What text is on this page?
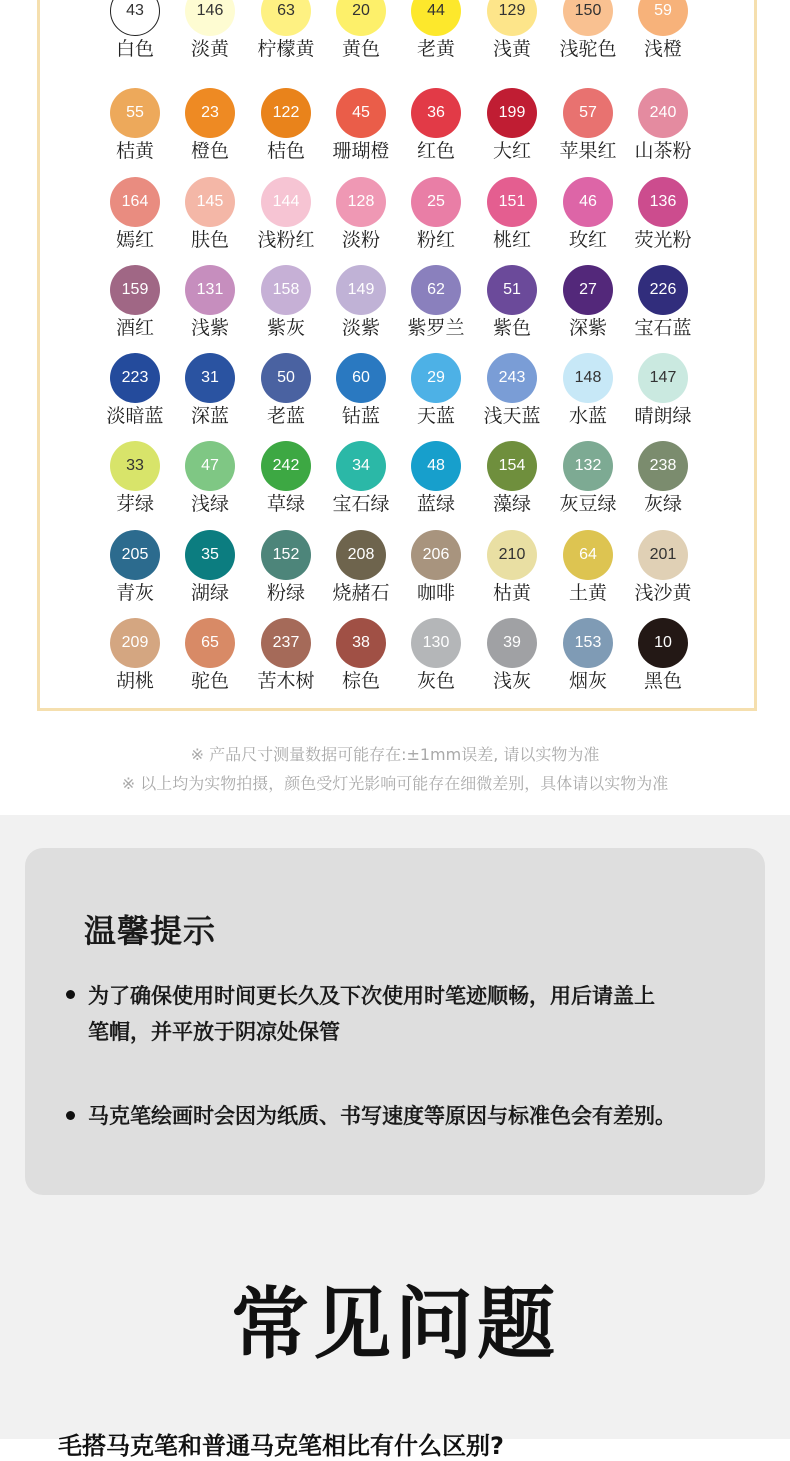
43
白色
146
淡黄
63
柠檬黄
20
黄色
44
老黄
129
浅黄
150
浅驼色
59
浅橙
55
桔黄
23
橙色
122
桔色
45
珊瑚橙
36
红色
199
大红
57
苹果红
240
山茶粉
164
嫣红
145
肤色
144
浅粉红
128
淡粉
25
粉红
151
桃红
46
玫红
136
荧光粉
159
酒红
131
浅紫
158
紫灰
149
淡紫
62
紫罗兰
51
紫色
27
深紫
226
宝石蓝
223
淡暗蓝
31
深蓝
50
老蓝
60
钴蓝
29
天蓝
243
浅天蓝
148
水蓝
147
晴朗绿
33
芽绿
47
浅绿
242
草绿
34
宝石绿
48
蓝绿
154
藻绿
132
灰豆绿
238
灰绿
205
青灰
35
湖绿
152
粉绿
208
烧赭石
206
咖啡
210
枯黄
64
土黄
201
浅沙黄
209
胡桃
65
驼色
237
苦木树
38
棕色
130
灰色
39
浅灰
153
烟灰
10
黑色
※ 产品尺寸测量数据可能存在:±1mm误差, 请以实物为准
※ 以上均为实物拍摄，颜色受灯光影响可能存在细微差别，具体请以实物为准
温馨提示
为了确保使用时间更长久及下次使用时笔迹顺畅，用后请盖上
笔帽，并平放于阴凉处保管
马克笔绘画时会因为纸质、书写速度等原因与标准色会有差别。
常见问题
毛搭马克笔和普通马克笔相比有什么区别?
